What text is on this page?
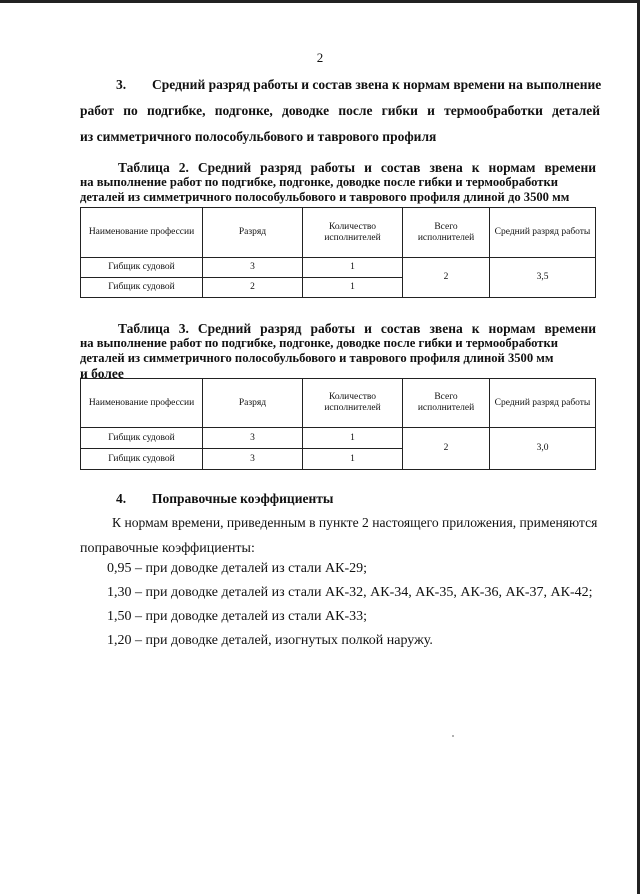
2
3. Средний разряд работы и состав звена к нормам времени на выполнение
работ по подгибке, подгонке, доводке после гибки и термообработки деталей
из симметричного полособульбового и таврового профиля
Таблица 2. Средний разряд работы и состав звена к нормам времени
на выполнение работ по подгибке, подгонке, доводке после гибки и термообработки
деталей из симметричного полособульбового и таврового профиля длиной до 3500 мм
Наименование профессии	Разряд	Количество исполнителей	Всего исполнителей	Средний разряд работы
Гибщик судовой	3	1	2	3,5
Гибщик судовой	2	1		
Таблица 3. Средний разряд работы и состав звена к нормам времени
на выполнение работ по подгибке, подгонке, доводке после гибки и термообработки
деталей из симметричного полособульбового и таврового профиля длиной 3500 мм
и более
Наименование профессии	Разряд	Количество исполнителей	Всего исполнителей	Средний разряд работы
Гибщик судовой	3	1	2	3,0
Гибщик судовой	3	1		
4. Поправочные коэффициенты
К нормам времени, приведенным в пункте 2 настоящего приложения, применяются
поправочные коэффициенты:
0,95 – при доводке деталей из стали АК-29;
1,30 – при доводке деталей из стали АК-32, АК-34, АК-35, АК-36, АК-37, АК-42;
1,50 – при доводке деталей из стали АК-33;
1,20 – при доводке деталей, изогнутых полкой наружу.
